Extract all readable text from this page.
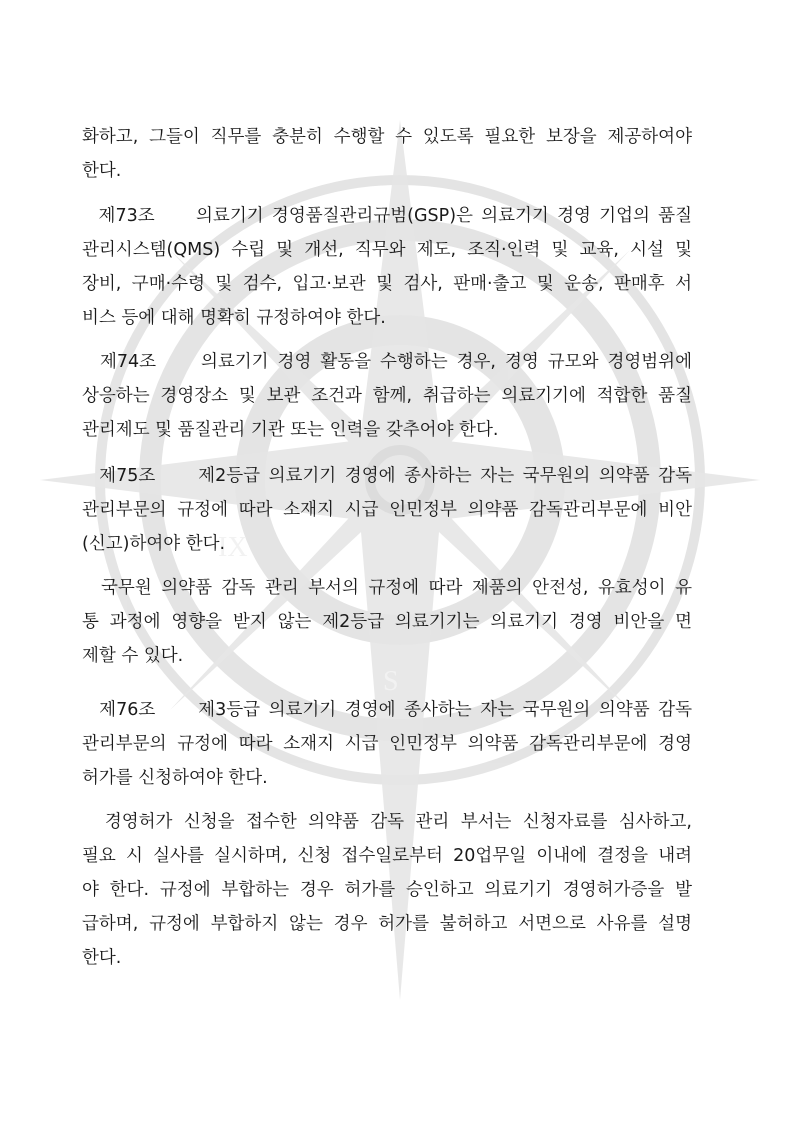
IX
S
화하고, 그들이 직무를 충분히 수행할 수 있도록 필요한 보장을 제공하여야
한다.
제73조     의료기기 경영품질관리규범(GSP)은 의료기기 경영 기업의 품질
관리시스템(QMS) 수립 및 개선, 직무와 제도, 조직·인력 및 교육, 시설 및
장비, 구매·수령 및 검수, 입고·보관 및 검사, 판매·출고 및 운송, 판매후 서
비스 등에 대해 명확히 규정하여야 한다.
제74조     의료기기 경영 활동을 수행하는 경우, 경영 규모와 경영범위에
상응하는 경영장소 및 보관 조건과 함께, 취급하는 의료기기에 적합한 품질
관리제도 및 품질관리 기관 또는 인력을 갖추어야 한다.
제75조     제2등급 의료기기 경영에 종사하는 자는 국무원의 의약품 감독
관리부문의 규정에 따라 소재지 시급 인민정부 의약품 감독관리부문에 비안
(신고)하여야 한다.
국무원 의약품 감독 관리 부서의 규정에 따라 제품의 안전성, 유효성이 유
통 과정에 영향을 받지 않는 제2등급 의료기기는 의료기기 경영 비안을 면
제할 수 있다.
제76조     제3등급 의료기기 경영에 종사하는 자는 국무원의 의약품 감독
관리부문의 규정에 따라 소재지 시급 인민정부 의약품 감독관리부문에 경영
허가를 신청하여야 한다.
경영허가 신청을 접수한 의약품 감독 관리 부서는 신청자료를 심사하고,
필요 시 실사를 실시하며, 신청 접수일로부터 20업무일 이내에 결정을 내려
야 한다. 규정에 부합하는 경우 허가를 승인하고 의료기기 경영허가증을 발
급하며, 규정에 부합하지 않는 경우 허가를 불허하고 서면으로 사유를 설명
한다.
